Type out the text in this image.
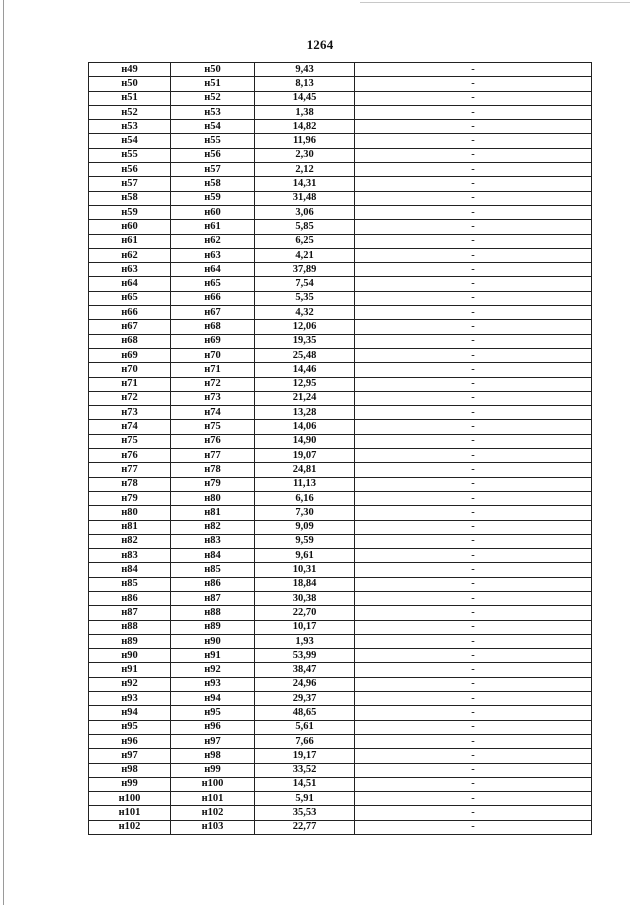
1264
н49	н50	9,43	-
н50	н51	8,13	-
н51	н52	14,45	-
н52	н53	1,38	-
н53	н54	14,82	-
н54	н55	11,96	-
н55	н56	2,30	-
н56	н57	2,12	-
н57	н58	14,31	-
н58	н59	31,48	-
н59	н60	3,06	-
н60	н61	5,85	-
н61	н62	6,25	-
н62	н63	4,21	-
н63	н64	37,89	-
н64	н65	7,54	-
н65	н66	5,35	-
н66	н67	4,32	-
н67	н68	12,06	-
н68	н69	19,35	-
н69	н70	25,48	-
н70	н71	14,46	-
н71	н72	12,95	-
н72	н73	21,24	-
н73	н74	13,28	-
н74	н75	14,06	-
н75	н76	14,90	-
н76	н77	19,07	-
н77	н78	24,81	-
н78	н79	11,13	-
н79	н80	6,16	-
н80	н81	7,30	-
н81	н82	9,09	-
н82	н83	9,59	-
н83	н84	9,61	-
н84	н85	10,31	-
н85	н86	18,84	-
н86	н87	30,38	-
н87	н88	22,70	-
н88	н89	10,17	-
н89	н90	1,93	-
н90	н91	53,99	-
н91	н92	38,47	-
н92	н93	24,96	-
н93	н94	29,37	-
н94	н95	48,65	-
н95	н96	5,61	-
н96	н97	7,66	-
н97	н98	19,17	-
н98	н99	33,52	-
н99	н100	14,51	-
н100	н101	5,91	-
н101	н102	35,53	-
н102	н103	22,77	-
